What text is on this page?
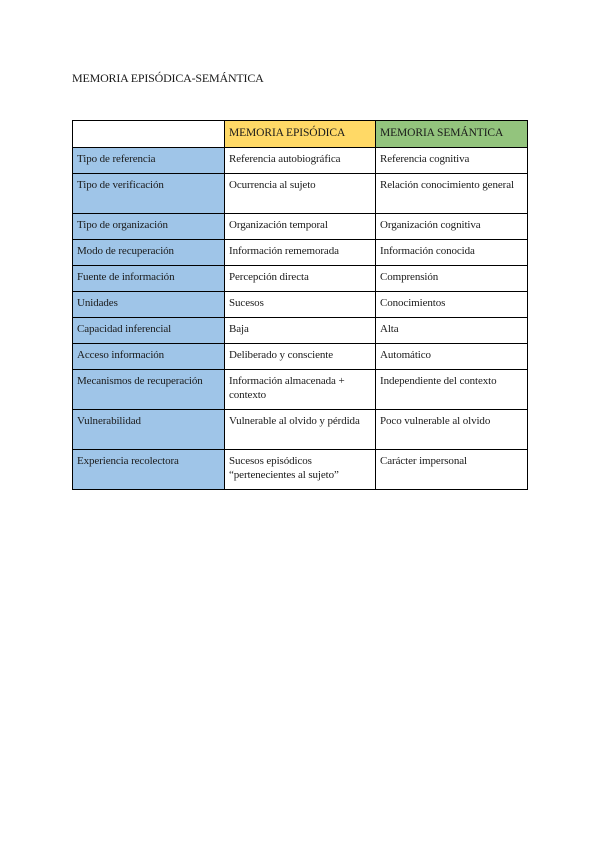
MEMORIA EPISÓDICA-SEMÁNTICA
	MEMORIA EPISÓDICA	MEMORIA SEMÁNTICA
Tipo de referencia	Referencia autobiográfica	Referencia cognitiva
Tipo de verificación	Ocurrencia al sujeto	Relación conocimiento general
Tipo de organización	Organización temporal	Organización cognitiva
Modo de recuperación	Información rememorada	Información conocida
Fuente de información	Percepción directa	Comprensión
Unidades	Sucesos	Conocimientos
Capacidad inferencial	Baja	Alta
Acceso información	Deliberado y consciente	Automático
Mecanismos de recuperación	Información almacenada + contexto	Independiente del contexto
Vulnerabilidad	Vulnerable al olvido y pérdida	Poco vulnerable al olvido
Experiencia recolectora	Sucesos episódicos “pertenecientes al sujeto”	Carácter impersonal
